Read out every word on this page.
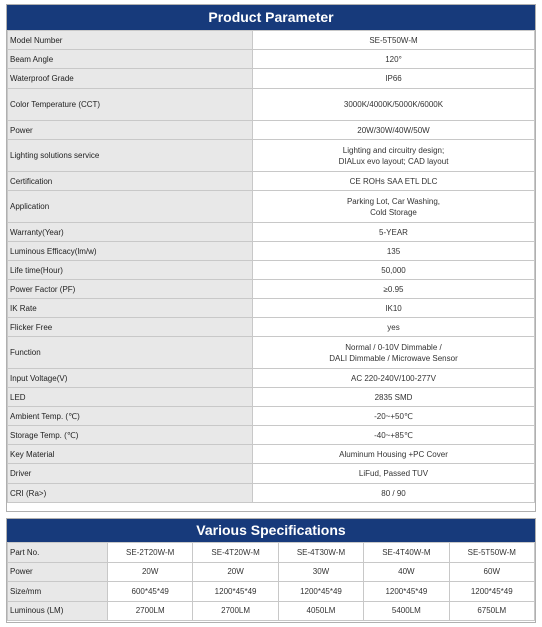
Product Parameter
Model Number	SE-5T50W-M

Beam Angle	120°

Waterproof Grade	IP66

Color Temperature (CCT)	3000K/4000K/5000K/6000K

Power	20W/30W/40W/50W

Lighting solutions service	Lighting and circuitry design;
DIALux evo layout; CAD layout

Certification	CE ROHs SAA ETL DLC

Application	Parking Lot, Car Washing,
Cold Storage

Warranty(Year)	5-YEAR

Luminous Efficacy(lm/w)	135

Life time(Hour)	50,000

Power Factor (PF)	≥0.95

IK Rate	IK10

Flicker Free	yes

Function	Normal / 0-10V Dimmable /
DALI Dimmable / Microwave Sensor

Input Voltage(V)	AC 220-240V/100-277V

LED	2835 SMD

Ambient Temp. (℃)	-20~+50℃

Storage Temp. (℃)	-40~+85℃

Key Material	Aluminum Housing +PC Cover

Driver	LiFud, Passed TUV

CRI (Ra>)	80 / 90
Various Specifications
Part No.	SE-2T20W-M	SE-4T20W-M	SE-4T30W-M	SE-4T40W-M	SE-5T50W-M
Power	20W	20W	30W	40W	60W
Size/mm	600*45*49	1200*45*49	1200*45*49	1200*45*49	1200*45*49
Luminous (LM)	2700LM	2700LM	4050LM	5400LM	6750LM
